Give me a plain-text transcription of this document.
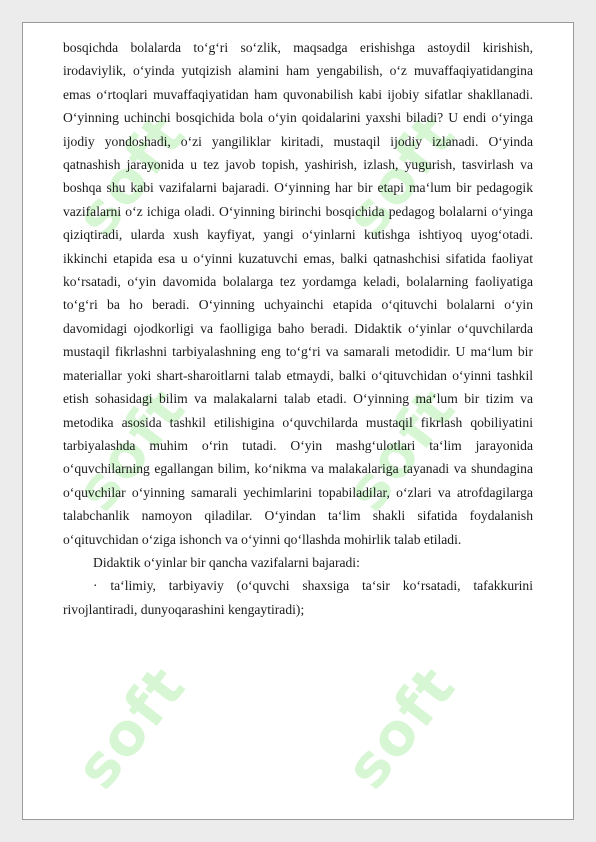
soft soft
soft soft
soft soft

bosqichda bolalarda to‘g‘ri so‘zlik, maqsadga erishishga astoydil kirishish, irodaviylik, o‘yinda yutqizish alamini ham yengabilish, o‘z muvaffaqiyatidangina emas o‘rtoqlari muvaffaqiyatidan ham quvonabilish kabi ijobiy sifatlar shakllanadi. O‘yinning uchinchi bosqichida bola o‘yin qoidalarini yaxshi biladi? U endi o‘yinga ijodiy yondoshadi, o‘zi yangiliklar kiritadi, mustaqil ijodiy izlanadi. O‘yinda qatnashish jarayonida u tez javob topish, yashirish, izlash, yugurish, tasvirlash va boshqa shu kabi vazifalarni bajaradi. O‘yinning har bir etapi ma‘lum bir pedagogik vazifalarni o‘z ichiga oladi. O‘yinning birinchi bosqichida pedagog bolalarni o‘yinga qiziqtiradi, ularda xush kayfiyat, yangi o‘yinlarni kutishga ishtiyoq uyog‘otadi. ikkinchi etapida esa u o‘yinni kuzatuvchi emas, balki qatnashchisi sifatida faoliyat ko‘rsatadi, o‘yin davomida bolalarga tez yordamga keladi, bolalarning faoliyatiga to‘g‘ri ba ho beradi. O‘yinning uchyainchi etapida o‘qituvchi bolalarni o‘yin davomidagi ojodkorligi va faolligiga baho beradi. Didaktik o‘yinlar o‘quvchilarda mustaqil fikrlashni tarbiyalashning eng to‘g‘ri va samarali metodidir. U ma‘lum bir materiallar yoki shart-sharoitlarni talab etmaydi, balki o‘qituvchidan o‘yinni tashkil etish sohasidagi bilim va malakalarni talab etadi. O‘yinning ma‘lum bir tizim va metodika asosida tashkil etilishigina o‘quvchilarda mustaqil fikrlash qobiliyatini tarbiyalashda muhim o‘rin tutadi. O‘yin mashg‘ulotlari ta‘lim jarayonida o‘quvchilarning egallangan bilim, ko‘nikma va malakalariga tayanadi va shundagina o‘quvchilar o‘yinning samarali yechimlarini topabiladilar, o‘zlari va atrofdagilarga talabchanlik namoyon qiladilar. O‘yindan ta‘lim shakli sifatida foydalanish o‘qituvchidan o‘ziga ishonch va o‘yinni qo‘llashda mohirlik talab etiladi.

Didaktik o‘yinlar bir qancha vazifalarni bajaradi:

· ta‘limiy, tarbiyaviy (o‘quvchi shaxsiga ta‘sir ko‘rsatadi, tafakkurini rivojlantiradi, dunyoqarashini kengaytiradi);
